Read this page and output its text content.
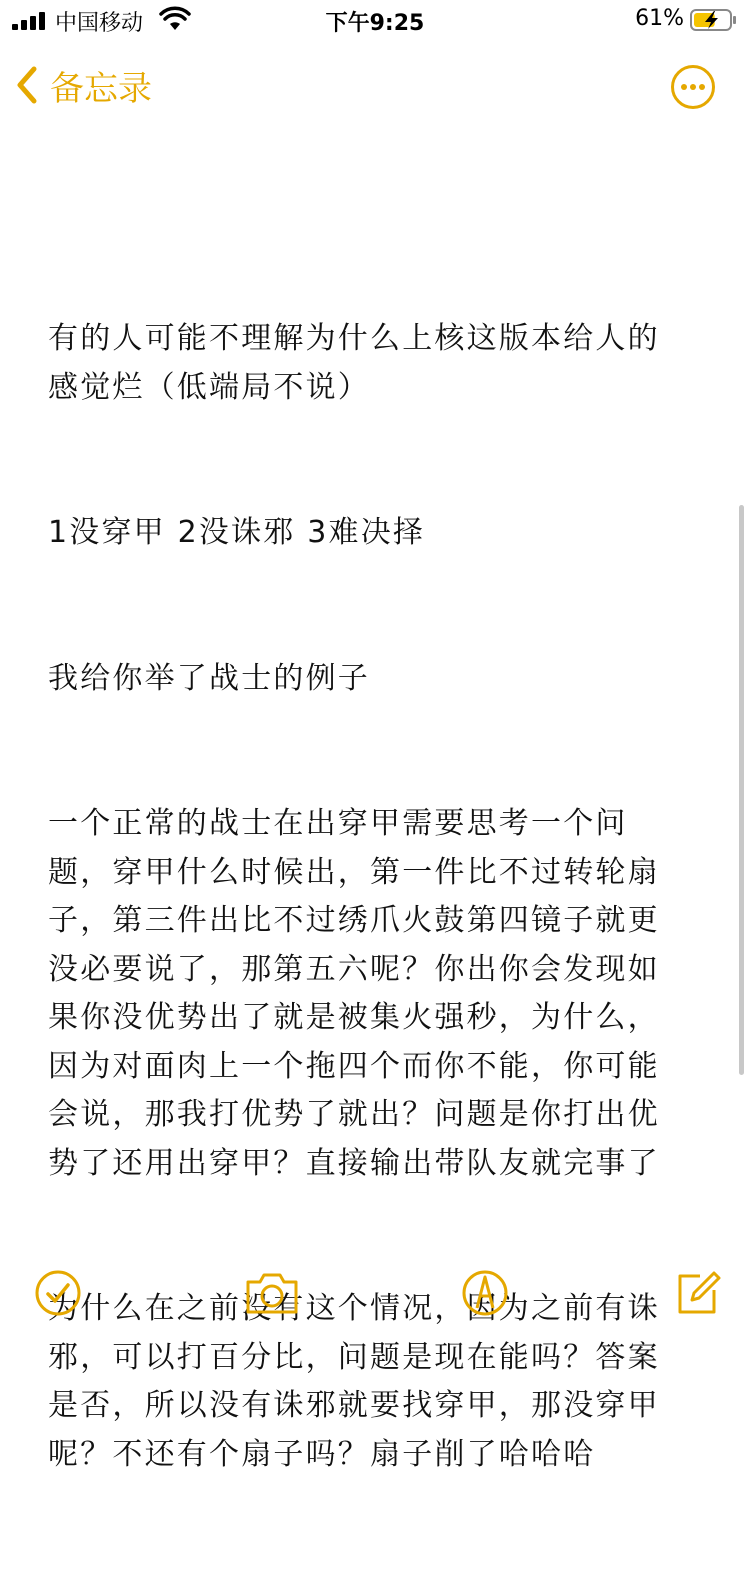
中国移动	下午9:25	61%
备忘录

有的人可能不理解为什么上核这版本给人的感觉烂（低端局不说）

1没穿甲 2没诛邪 3难决择

我给你举了战士的例子

一个正常的战士在出穿甲需要思考一个问题，穿甲什么时候出，第一件比不过转轮扇子，第三件出比不过绣爪火鼓第四镜子就更没必要说了，那第五六呢？你出你会发现如果你没优势出了就是被集火强秒，为什么，因为对面肉上一个拖四个而你不能，你可能会说，那我打优势了就出？问题是你打出优势了还用出穿甲？直接输出带队友就完事了

为什么在之前没有这个情况，因为之前有诛邪，可以打百分比，问题是现在能吗？答案是否，所以没有诛邪就要找穿甲，那没穿甲呢？不还有个扇子吗？扇子削了哈哈哈
